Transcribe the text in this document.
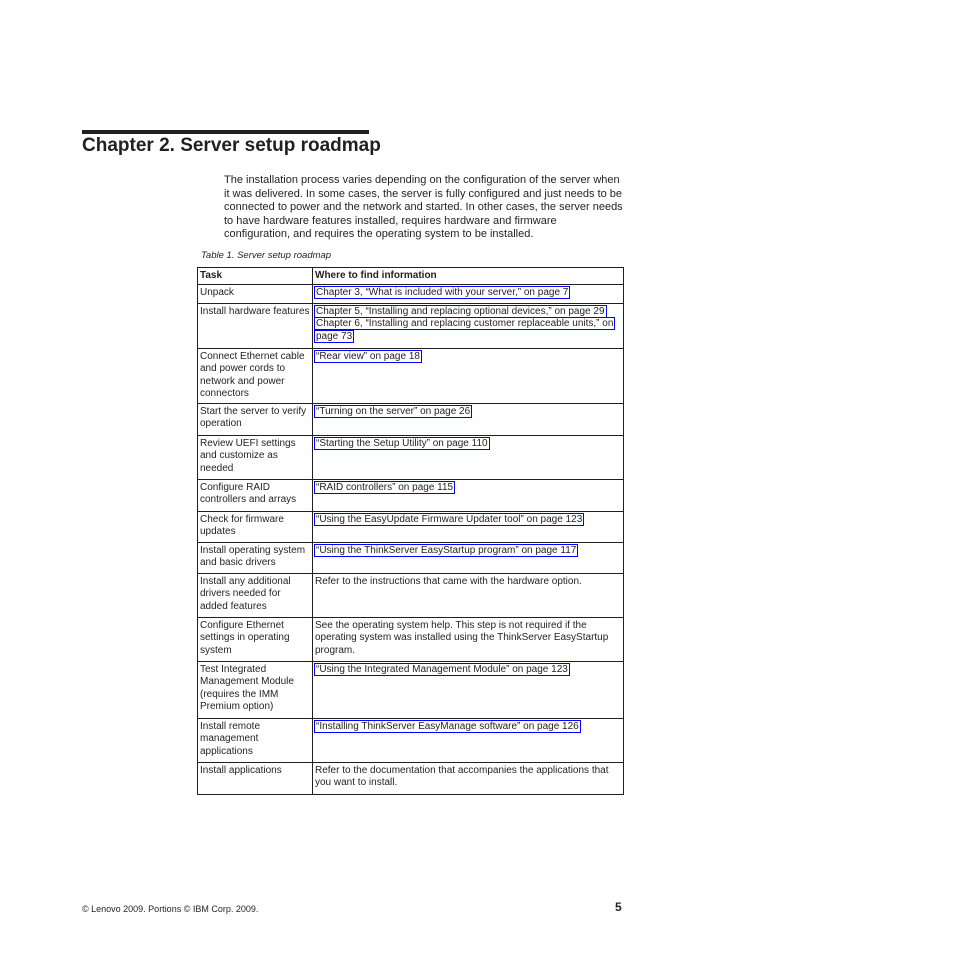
Chapter 2. Server setup roadmap
The installation process varies depending on the configuration of the server when it was delivered. In some cases, the server is fully configured and just needs to be connected to power and the network and started. In other cases, the server needs to have hardware features installed, requires hardware and firmware configuration, and requires the operating system to be installed.
Table 1. Server setup roadmap
Task	Where to find information
Unpack	Chapter 3, “What is included with your server,” on page 7

Install hardware features	Chapter 5, “Installing and replacing optional devices,” on page 29
Chapter 6, “Installing and replacing customer replaceable units,” on page 73

Connect Ethernet cable and power cords to network and power connectors	“Rear view” on page 18

Start the server to verify operation	“Turning on the server” on page 26

Review UEFI settings and customize as needed	“Starting the Setup Utility” on page 110

Configure RAID controllers and arrays	“RAID controllers” on page 115

Check for firmware updates	“Using the EasyUpdate Firmware Updater tool” on page 123

Install operating system and basic drivers	“Using the ThinkServer EasyStartup program” on page 117

Install any additional drivers needed for added features	Refer to the instructions that came with the hardware option.
Configure Ethernet settings in operating system	See the operating system help. This step is not required if the operating system was installed using the ThinkServer EasyStartup program.
Test Integrated Management Module (requires the IMM Premium option)	“Using the Integrated Management Module” on page 123

Install remote management applications	“Installing ThinkServer EasyManage software” on page 126

Install applications	Refer to the documentation that accompanies the applications that you want to install.
© Lenovo 2009. Portions © IBM Corp. 2009.	5
